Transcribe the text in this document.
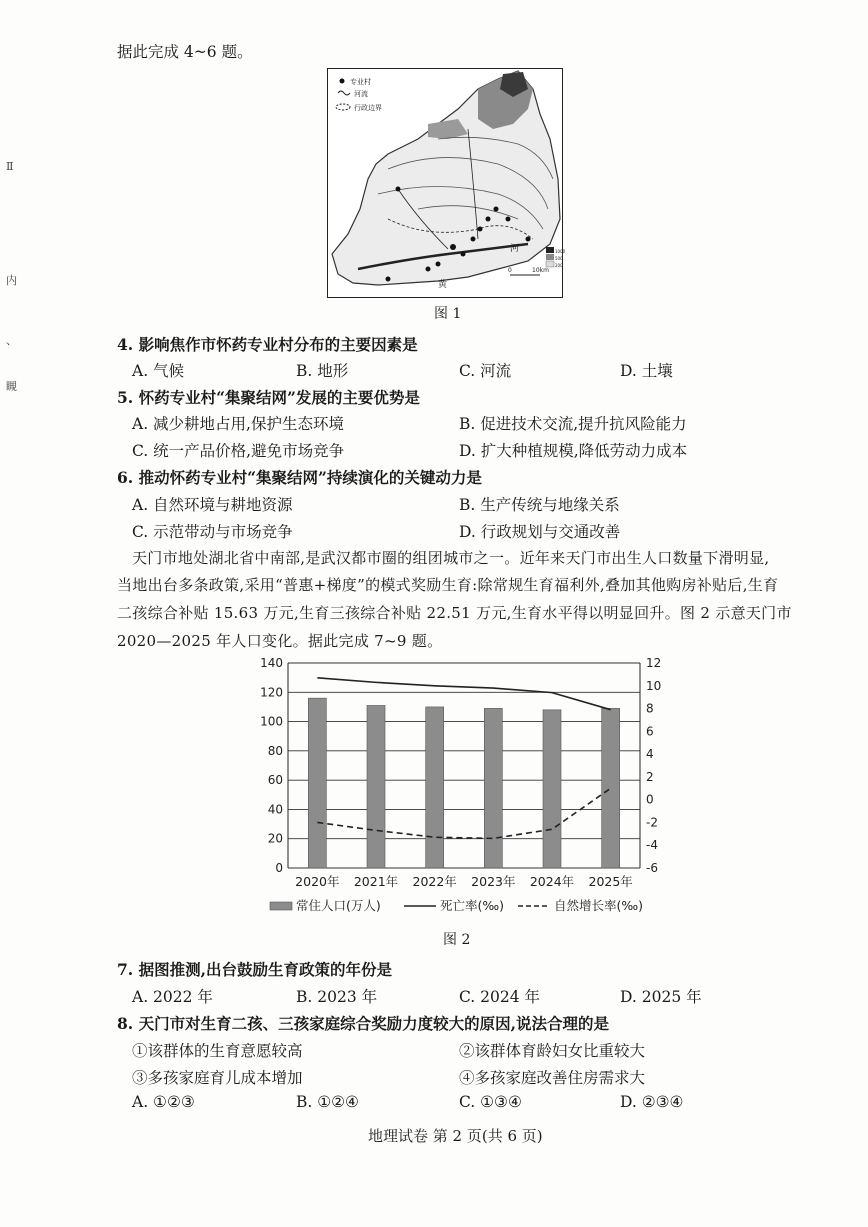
Ⅱ
内
、
瞡
据此完成 4~6 题。
专业村
河流
行政边界
河
黄
0	10km
1000
500
200
图 1
4. 影响焦作市怀药专业村分布的主要因素是
A. 气候	B. 地形	C. 河流	D. 土壤
5. 怀药专业村“集聚结网”发展的主要优势是
A. 减少耕地占用,保护生态环境	B. 促进技术交流,提升抗风险能力
C. 统一产品价格,避免市场竞争	D. 扩大种植规模,降低劳动力成本
6. 推动怀药专业村“集聚结网”持续演化的关键动力是
A. 自然环境与耕地资源	B. 生产传统与地缘关系
C. 示范带动与市场竞争	D. 行政规划与交通改善
天门市地处湖北省中南部,是武汉都市圈的组团城市之一。近年来天门市出生人口数量下滑明显,
当地出台多条政策,采用“普惠+梯度”的模式奖励生育:除常规生育福利外,叠加其他购房补贴后,生育
二孩综合补贴 15.63 万元,生育三孩综合补贴 22.51 万元,生育水平得以明显回升。图 2 示意天门市
2020—2025 年人口变化。据此完成 7~9 题。
0
20
40
60
80
100
120
140
-6
-4
-2
0
2
4
6
8
10
12
2020年 2021年 2022年 2023年 2024年 2025年
常住人口(万人)	死亡率(‰)	自然增长率(‰)
图 2
7. 据图推测,出台鼓励生育政策的年份是
A. 2022 年	B. 2023 年	C. 2024 年	D. 2025 年
8. 天门市对生育二孩、三孩家庭综合奖励力度较大的原因,说法合理的是
①该群体的生育意愿较高	②该群体育龄妇女比重较大
③多孩家庭育儿成本增加	④多孩家庭改善住房需求大
A. ①②③	B. ①②④	C. ①③④	D. ②③④
地理试卷 第 2 页(共 6 页)
